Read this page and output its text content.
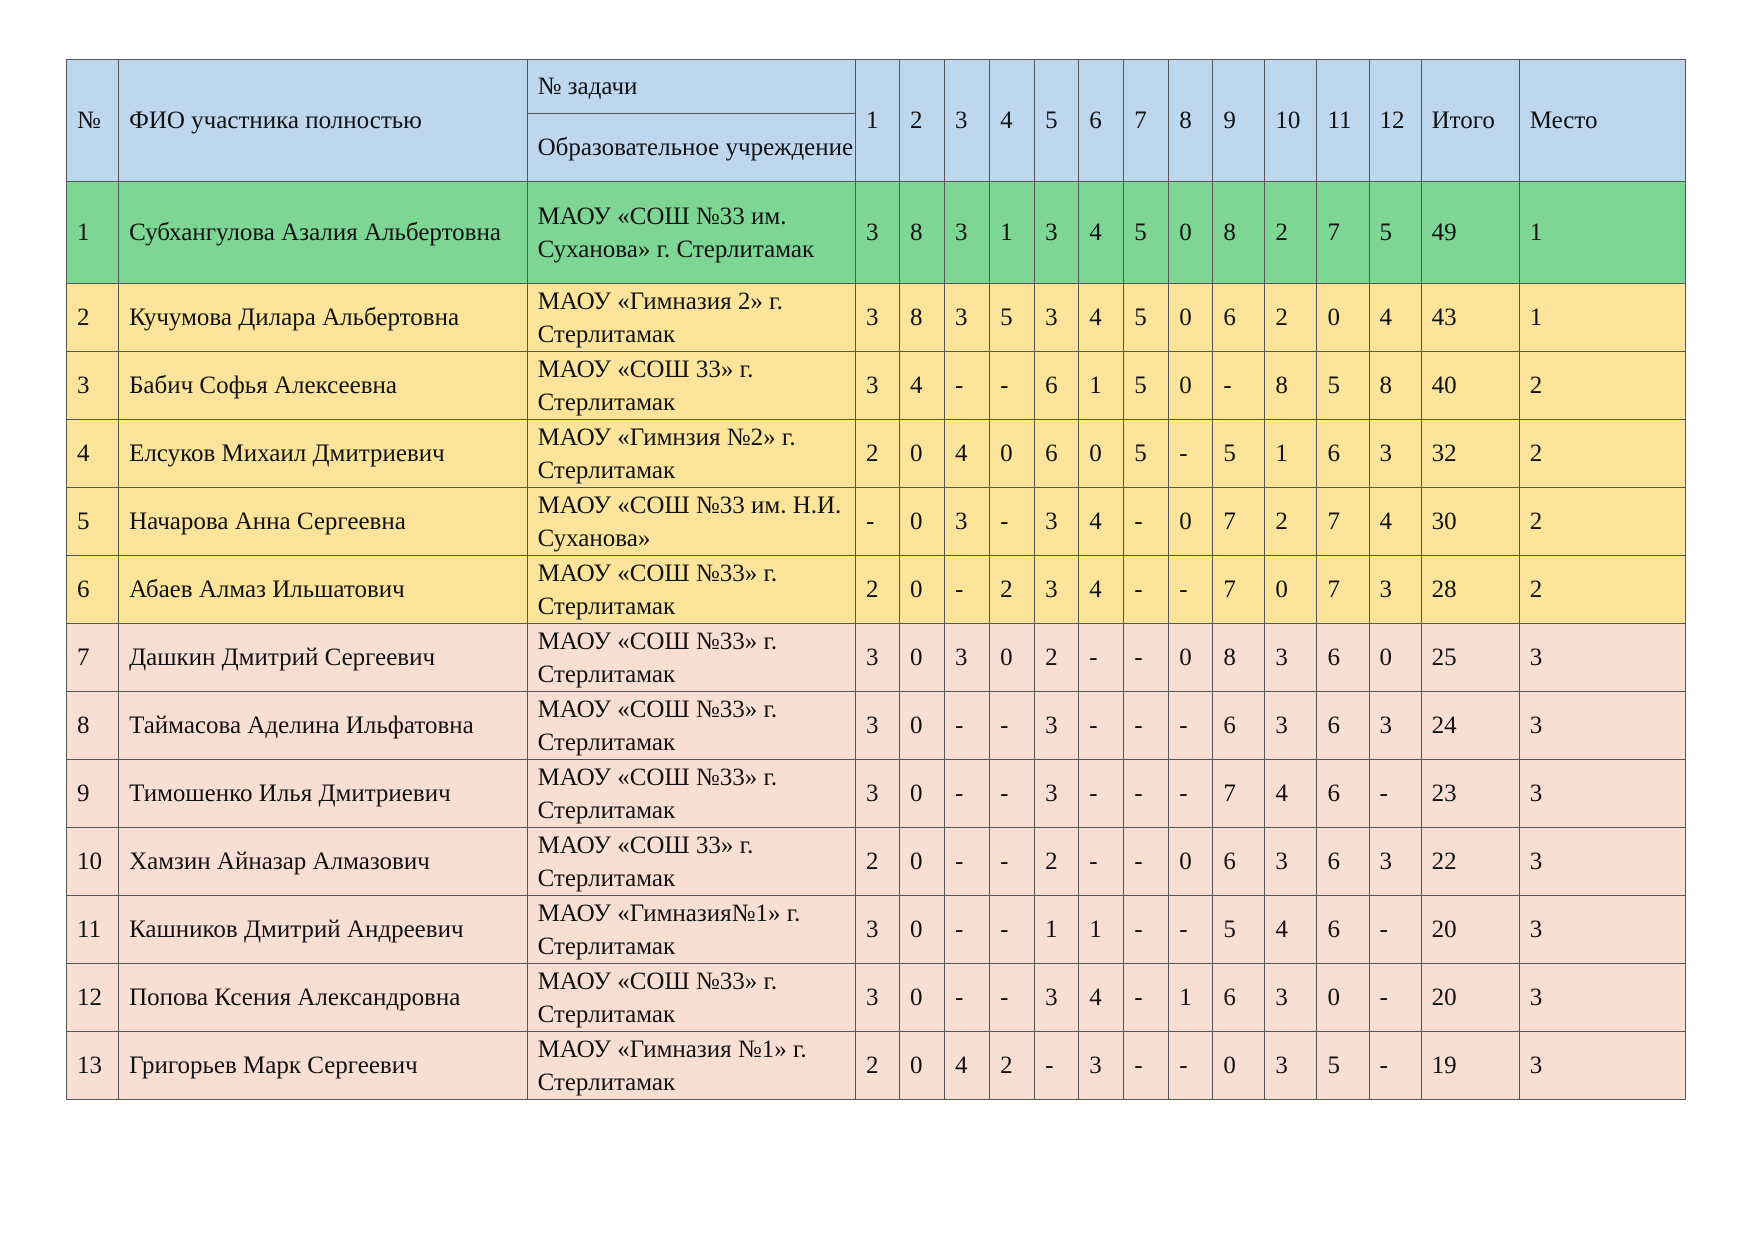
№	ФИО участника полностью	№ задачи	1	2	3	4	5	6	7	8	9	10	11	12	Итого	Место
		Образовательное учреждение														
1	Субхангулова Азалия Альбертовна	МАОУ «СОШ №33 им. Суханова» г. Стерлитамак	3	8	3	1	3	4	5	0	8	2	7	5	49	1
2	Кучумова Дилара Альбертовна	МАОУ «Гимназия 2» г. Стерлитамак	3	8	3	5	3	4	5	0	6	2	0	4	43	1
3	Бабич Софья Алексеевна	МАОУ «СОШ 33» г. Стерлитамак	3	4	-	-	6	1	5	0	-	8	5	8	40	2
4	Елсуков Михаил Дмитриевич	МАОУ «Гимнзия №2» г. Стерлитамак	2	0	4	0	6	0	5	-	5	1	6	3	32	2
5	Начарова Анна Сергеевна	МАОУ «СОШ №33 им. Н.И. Суханова»	-	0	3	-	3	4	-	0	7	2	7	4	30	2
6	Абаев Алмаз Ильшатович	МАОУ «СОШ №33» г. Стерлитамак	2	0	-	2	3	4	-	-	7	0	7	3	28	2
7	Дашкин Дмитрий Сергеевич	МАОУ «СОШ №33» г. Стерлитамак	3	0	3	0	2	-	-	0	8	3	6	0	25	3
8	Таймасова Аделина Ильфатовна	МАОУ «СОШ №33» г. Стерлитамак	3	0	-	-	3	-	-	-	6	3	6	3	24	3
9	Тимошенко Илья Дмитриевич	МАОУ «СОШ №33» г. Стерлитамак	3	0	-	-	3	-	-	-	7	4	6	-	23	3
10	Хамзин Айназар Алмазович	МАОУ «СОШ 33» г. Стерлитамак	2	0	-	-	2	-	-	0	6	3	6	3	22	3
11	Кашников Дмитрий Андреевич	МАОУ «Гимназия№1» г. Стерлитамак	3	0	-	-	1	1	-	-	5	4	6	-	20	3
12	Попова Ксения Александровна	МАОУ «СОШ №33» г. Стерлитамак	3	0	-	-	3	4	-	1	6	3	0	-	20	3
13	Григорьев Марк Сергеевич	МАОУ «Гимназия №1» г. Стерлитамак	2	0	4	2	-	3	-	-	0	3	5	-	19	3
